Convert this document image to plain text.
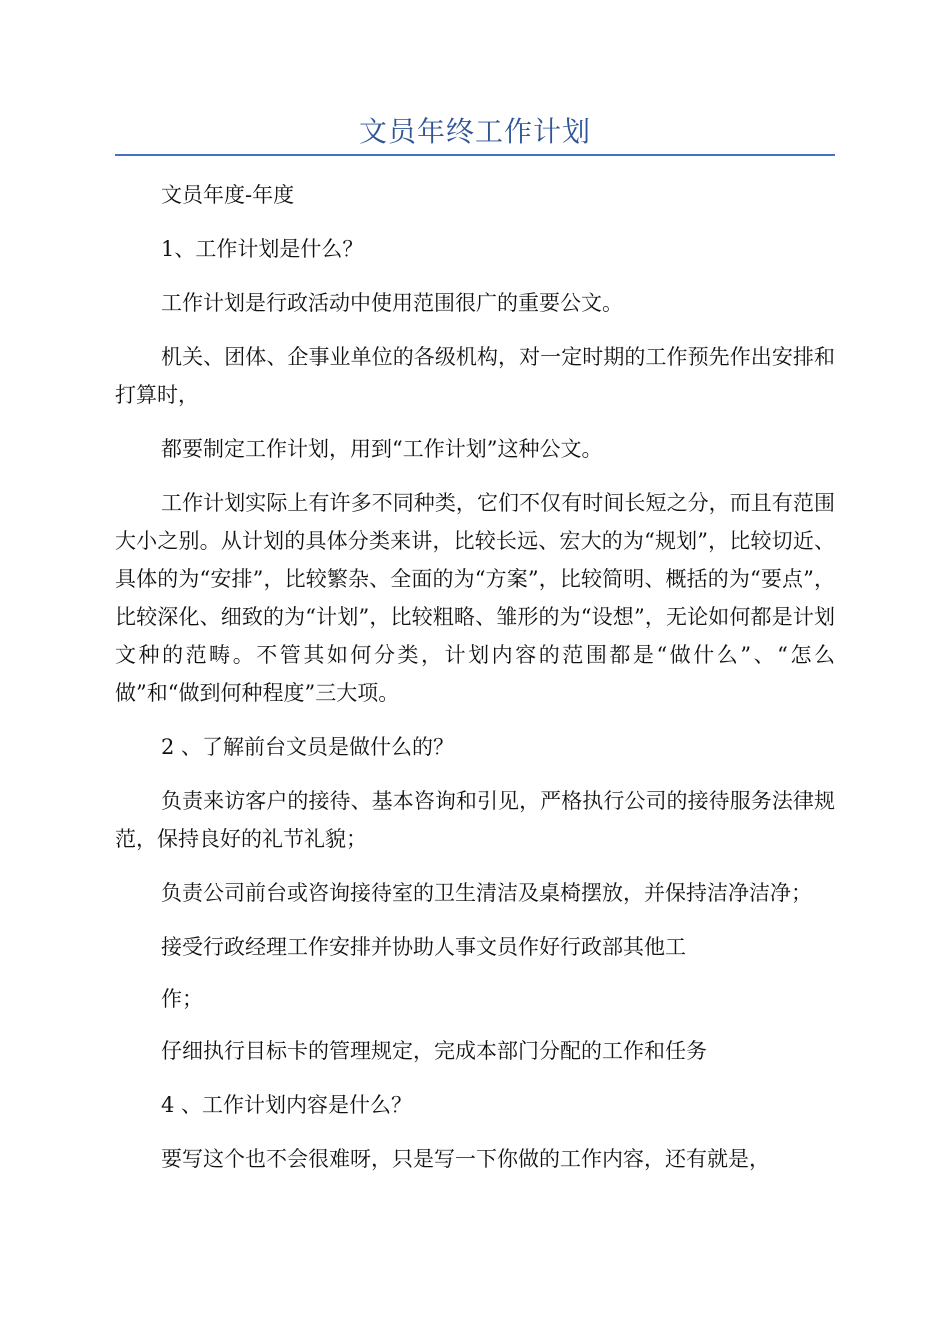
文员年终工作计划

文员年度-年度

1、工作计划是什么？

工作计划是行政活动中使用范围很广的重要公文。

机关、团体、企事业单位的各级机构，对一定时期的工作预先作出安排和打算时，

都要制定工作计划，用到“工作计划”这种公文。

工作计划实际上有许多不同种类，它们不仅有时间长短之分，而且有范围大小之别。从计划的具体分类来讲，比较长远、宏大的为“规划”，比较切近、具体的为“安排”，比较繁杂、全面的为“方案”，比较简明、概括的为“要点”，比较深化、细致的为“计划”，比较粗略、雏形的为“设想”，无论如何都是计划文种的范畴。不管其如何分类，计划内容的范围都是“做什么”、“怎么做”和“做到何种程度”三大项。

2 、了解前台文员是做什么的？

负责来访客户的接待、基本咨询和引见，严格执行公司的接待服务法律规范，保持良好的礼节礼貌；

负责公司前台或咨询接待室的卫生清洁及桌椅摆放，并保持洁净洁净；

接受行政经理工作安排并协助人事文员作好行政部其他工

作；

仔细执行目标卡的管理规定，完成本部门分配的工作和任务

4 、工作计划内容是什么？

要写这个也不会很难呀，只是写一下你做的工作内容，还有就是，
